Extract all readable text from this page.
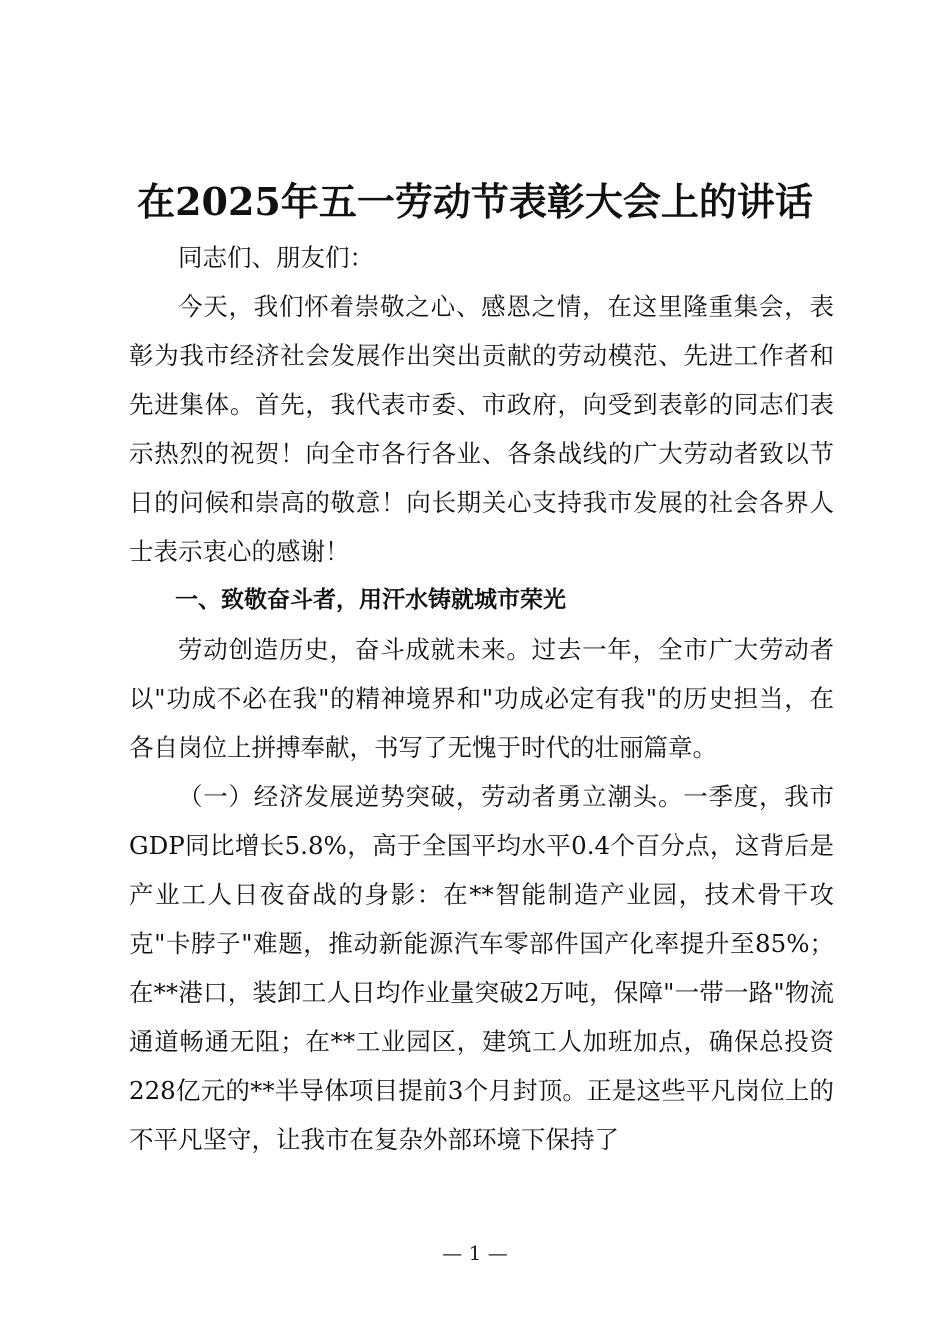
在2025年五一劳动节表彰大会上的讲话

同志们、朋友们：

今天，我们怀着崇敬之心、感恩之情，在这里隆重集会，表彰为我市经济社会发展作出突出贡献的劳动模范、先进工作者和先进集体。首先，我代表市委、市政府，向受到表彰的同志们表示热烈的祝贺！向全市各行各业、各条战线的广大劳动者致以节日的问候和崇高的敬意！向长期关心支持我市发展的社会各界人士表示衷心的感谢！

一、致敬奋斗者，用汗水铸就城市荣光

劳动创造历史，奋斗成就未来。过去一年，全市广大劳动者以"功成不必在我"的精神境界和"功成必定有我"的历史担当，在各自岗位上拼搏奉献，书写了无愧于时代的壮丽篇章。

（一）经济发展逆势突破，劳动者勇立潮头。一季度，我市GDP同比增长5.8%，高于全国平均水平0.4个百分点，这背后是产业工人日夜奋战的身影：在**智能制造产业园，技术骨干攻克"卡脖子"难题，推动新能源汽车零部件国产化率提升至85%；在**港口，装卸工人日均作业量突破2万吨，保障"一带一路"物流通道畅通无阻；在**工业园区，建筑工人加班加点，确保总投资228亿元的**半导体项目提前3个月封顶。正是这些平凡岗位上的不平凡坚守，让我市在复杂外部环境下保持了

— 1 —
